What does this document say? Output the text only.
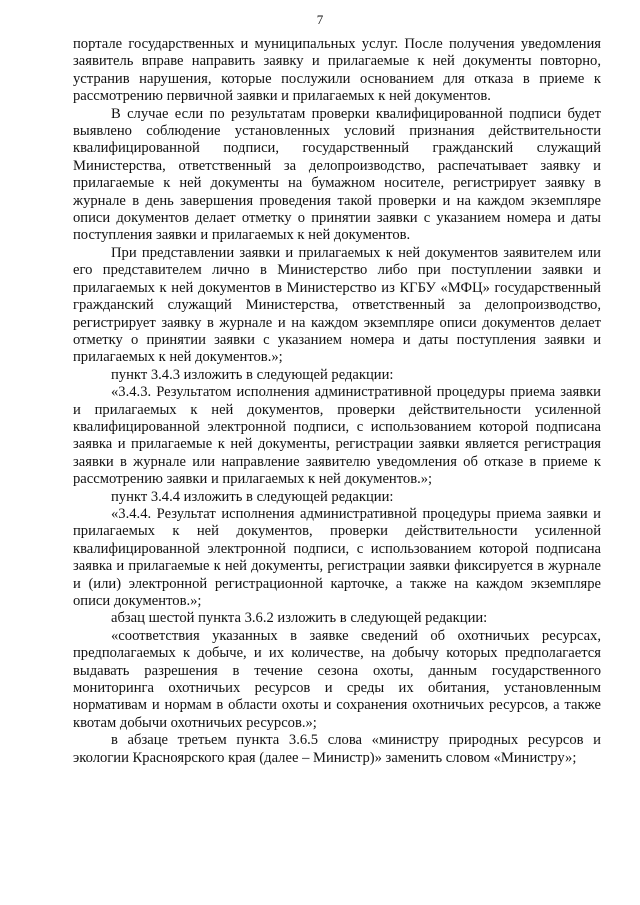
7

порталe государственных и муниципальных услуг. После получения уведомления заявитель вправе направить заявку и прилагаемые к ней документы повторно, устранив нарушения, которые послужили основанием для отказа в приеме к рассмотрению первичной заявки и прилагаемых к ней документов.

В случае если по результатам проверки квалифицированной подписи будет выявлено соблюдение установленных условий признания действительности квалифицированной подписи, государственный гражданский служащий Министерства, ответственный за делопроизводство, распечатывает заявку и прилагаемые к ней документы на бумажном носителе, регистрирует заявку в журнале в день завершения проведения такой проверки и на каждом экземпляре описи документов делает отметку о принятии заявки с указанием номера и даты поступления заявки и прилагаемых к ней документов.

При представлении заявки и прилагаемых к ней документов заявителем или его представителем лично в Министерство либо при поступлении заявки и прилагаемых к ней документов в Министерство из КГБУ «МФЦ» государственный гражданский служащий Министерства, ответственный за делопроизводство, регистрирует заявку в журнале и на каждом экземпляре описи документов делает отметку о принятии заявки с указанием номера и даты поступления заявки и прилагаемых к ней документов.»;

пункт 3.4.3 изложить в следующей редакции:

«3.4.3. Результатом исполнения административной процедуры приема заявки и прилагаемых к ней документов, проверки действительности усиленной квалифицированной электронной подписи, с использованием которой подписана заявка и прилагаемые к ней документы, регистрации заявки является регистрация заявки в журнале или направление заявителю уведомления об отказе в приеме к рассмотрению заявки и прилагаемых к ней документов.»;

пункт 3.4.4 изложить в следующей редакции:

«3.4.4. Результат исполнения административной процедуры приема заявки и прилагаемых к ней документов, проверки действительности усиленной квалифицированной электронной подписи, с использованием которой подписана заявка и прилагаемые к ней документы, регистрации заявки фиксируется в журнале и (или) электронной регистрационной карточке, а также на каждом экземпляре описи документов.»;

абзац шестой пункта 3.6.2 изложить в следующей редакции:

«соответствия указанных в заявке сведений об охотничьих ресурсах, предполагаемых к добыче, и их количестве, на добычу которых предполагается выдавать разрешения в течение сезона охоты, данным государственного мониторинга охотничьих ресурсов и среды их обитания, установленным нормативам и нормам в области охоты и сохранения охотничьих ресурсов, а также квотам добычи охотничьих ресурсов.»;

в абзаце третьем пункта 3.6.5 слова «министру природных ресурсов и экологии Красноярского края (далее – Министр)» заменить словом «Министру»;
